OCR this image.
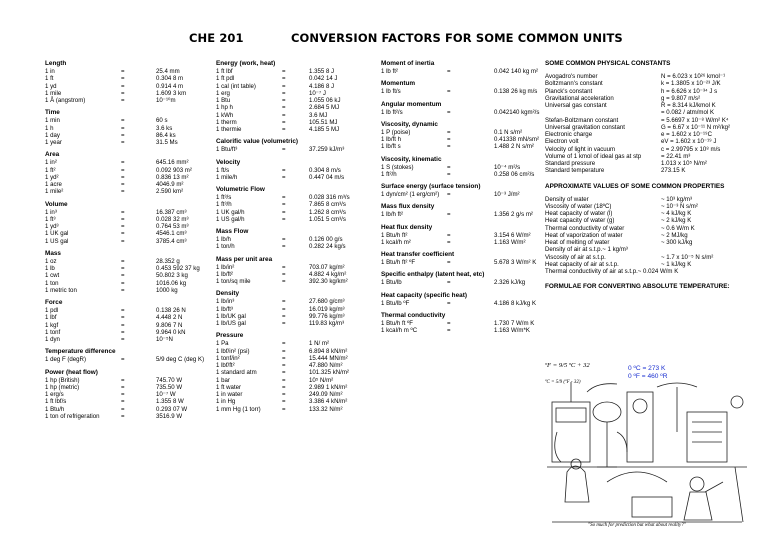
CHE 201	CONVERSION FACTORS FOR SOME COMMON UNITS
Length
1 in	=	25.4 mm
1 ft	=	0.304 8 m
1 yd	=	0.914 4 m
1 mile	=	1.609 3 km
1 Å (angstrom)	=	10⁻¹⁰m
Time
1 min	=	60 s
1 h	=	3.6 ks
1 day	=	86.4 ks
1 year	=	31.5 Ms
Area
1 in²	=	645.16 mm²
1 ft²	=	0.092 903 m²
1 yd²	=	0.836 13 m²
1 acre	=	4046.9 m²
1 mile²	=	2.590 km²
Volume
1 in³	=	16.387 cm³
1 ft³	=	0.028 32 m³
1 yd³	=	0.764 53 m³
1 UK gal	=	4546.1 cm³
1 US gal	=	3785.4 cm³
Mass
1 oz	=	28.352 g
1 lb	=	0.453 592 37 kg
1 cwt	=	50.802 3 kg
1 ton	=	1016.06 kg
1 metric ton	=	1000 kg
Force
1 pdl	=	0.138 26 N
1 lbf	=	4.448 2 N
1 kgf	=	9.806 7 N
1 tonf	=	9.964 0 kN
1 dyn	=	10⁻⁵N
Temperature difference
1 deg F (degR)	=	5/9 deg C (deg K)
Power (heat flow)
1 hp (British)	=	745.70 W
1 hp (metric)	=	735.50 W
1 erg/s	=	10⁻⁷ W
1 ft lbf/s	=	1.355 8 W
1 Btu/h	=	0.293 07 W
1 ton of refrigeration	=	3516.9 W
Energy (work, heat)
1 ft lbf	=	1.355 8 J
1 ft pdl	=	0.042 14 J
1 cal (int table)	=	4.186 8 J
1 erg	=	10⁻⁷ J
1 Btu	=	1.055 06 kJ
1 hp h	=	2.684 5 MJ
1 kWh	=	3.6 MJ
1 therm	=	105.51 MJ
1 thermie	=	4.185 5 MJ
Calorific value (volumetric)
1 Btu/ft³	=	37.259 kJ/m³
Velocity
1 ft/s	=	0.304 8 m/s
1 mile/h	=	0.447 04 m/s
Volumetric Flow
1 ft³/s	=	0.028 316 m³/s
1 ft³/h	=	7.865 8 cm³/s
1 UK gal/h	=	1.262 8 cm³/s
1 US gal/h	=	1.051 5 cm³/s
Mass Flow
1 lb/h	=	0.126 00 g/s
1 ton/h	=	0.282 24 kg/s
Mass per unit area
1 lb/in²	=	703.07 kg/m²
1 lb/ft²	=	4.882 4 kg/m²
1 ton/sq mile	=	392.30 kg/km²
Density
1 lb/in³	=	27.680 g/cm³
1 lb/ft³	=	16.019 kg/m³
1 lb/UK gal	=	99.776 kg/m³
1 lb/US gal	=	119.83 kg/m³
Pressure
1 Pa	=	1 N/ m²
1 lbf/in² (psi)	=	6.894 8 kN/m²
1 tonf/in²	=	15.444 MN/m²
1 lbf/ft²	=	47.880 N/m²
1 standard atm	=	101.325 kN/m²
1 bar	=	10⁵ N/m²
1 ft water	=	2.989 1 kN/m²
1 in water	=	249.09 N/m²
1 in Hg	=	3.386 4 kN/m²
1 mm Hg (1 torr)	=	133.32 N/m²
Moment of inertia
1 lb ft²	=	0.042 140 kg m²
Momentum
1 lb ft/s	=	0.138 26 kg m/s
Angular momentum
1 lb ft²/s	=	0.042140 kgm²/s
Viscosity, dynamic
1 P (poise)	=	0.1 N s/m²
1 lb/ft h	=	0.41338 mN/sm²
1 lb/ft s	=	1.488 2 N s/m²
Viscosity, kinematic
1 S (stokes)	=	10⁻⁴ m²/s
1 ft²/h	=	0.258 06 cm²/s
Surface energy (surface tension)
1 dyn/cm² (1 erg/cm²)	=	10⁻³ J/m²
Mass flux density
1 lb/h ft²	=	1.356 2 g/s m²
Heat flux density
1 Btu/h ft²	=	3.154 6 W/m²
1 kcal/h m²	=	1.163 W/m²
Heat transfer coefficient
1 Btu/h ft² ºF	=	5.678 3 W/m² K
Specific enthalpy (latent heat, etc)
1 Btu/lb	=	2.326 kJ/kg
Heat capacity (specific heat)
1 Btu/lb ºF	=	4.186 8 kJ/kg K
Thermal conductivity
1 Btu/h ft ºF	=	1.730 7 W/m K
1 kcal/h m ºC	=	1.163 W/m*K
SOME COMMON PHYSICAL CONSTANTS
Avogadro's number	N = 6.023 x 10²⁶ kmol⁻¹
Boltzmann's constant	k = 1.3805 x 10⁻²³ J/K
Planck's constant	h = 6.626 x 10⁻³⁴ J s
Gravitational acceleration	g = 9.807 m/s²
Universal gas constant	R = 8.314 kJ/kmol K
= 0.082 / atm/mol K
Stefan-Boltzmann constant	= 5.6697 x 10⁻⁸ W/m² K⁴
Universal gravitation constant	G = 6.67 x 10⁻¹¹ N m²/kg²
Electronic charge	e = 1.602 x 10⁻¹⁹C
Electron volt	eV = 1.602 x 10⁻¹⁹ J
Velocity of light in vacuum	c = 2.99795 x 10⁸ m/s
Volume of 1 kmol of ideal gas at stp	= 22.41 m³
Standard pressure	1.013 x 10⁵ N/m²
Standard temperature	273.15 K
APPROXIMATE VALUES OF SOME COMMON PROPERTIES
Density of water	~ 10³ kg/m³
Viscosity of water (18ºC)	~ 10⁻³ N s/m²
Heat capacity of water (l)	~ 4 kJ/kg K
Heat capacity of water (g)	~ 2 kJ/kg K
Thermal conductivity of water	~ 0.6 W/m K
Heat of vaporization of water	~ 2 MJ/kg
Heat of melting of water	~ 300 kJ/kg
Density of air at s.t.p.~ 1 kg/m³
Viscosity of air at s.t.p.	~ 1.7 x 10⁻⁵ N s/m²
Heat capacity of air at s.t.p.	~ 1 kJ/kg K
Thermal conductivity of air at s.t.p.~ 0.024 W/m K
FORMULAE FOR CONVERTING ABSOLUTE TEMPERATURE:
ºF = 9/5 ºC + 32
ºC = 5/9 (ºF - 32)
0 ºC = 273 K
0 ºF = 460 ºR
"So much for prediction but what about reality?"
